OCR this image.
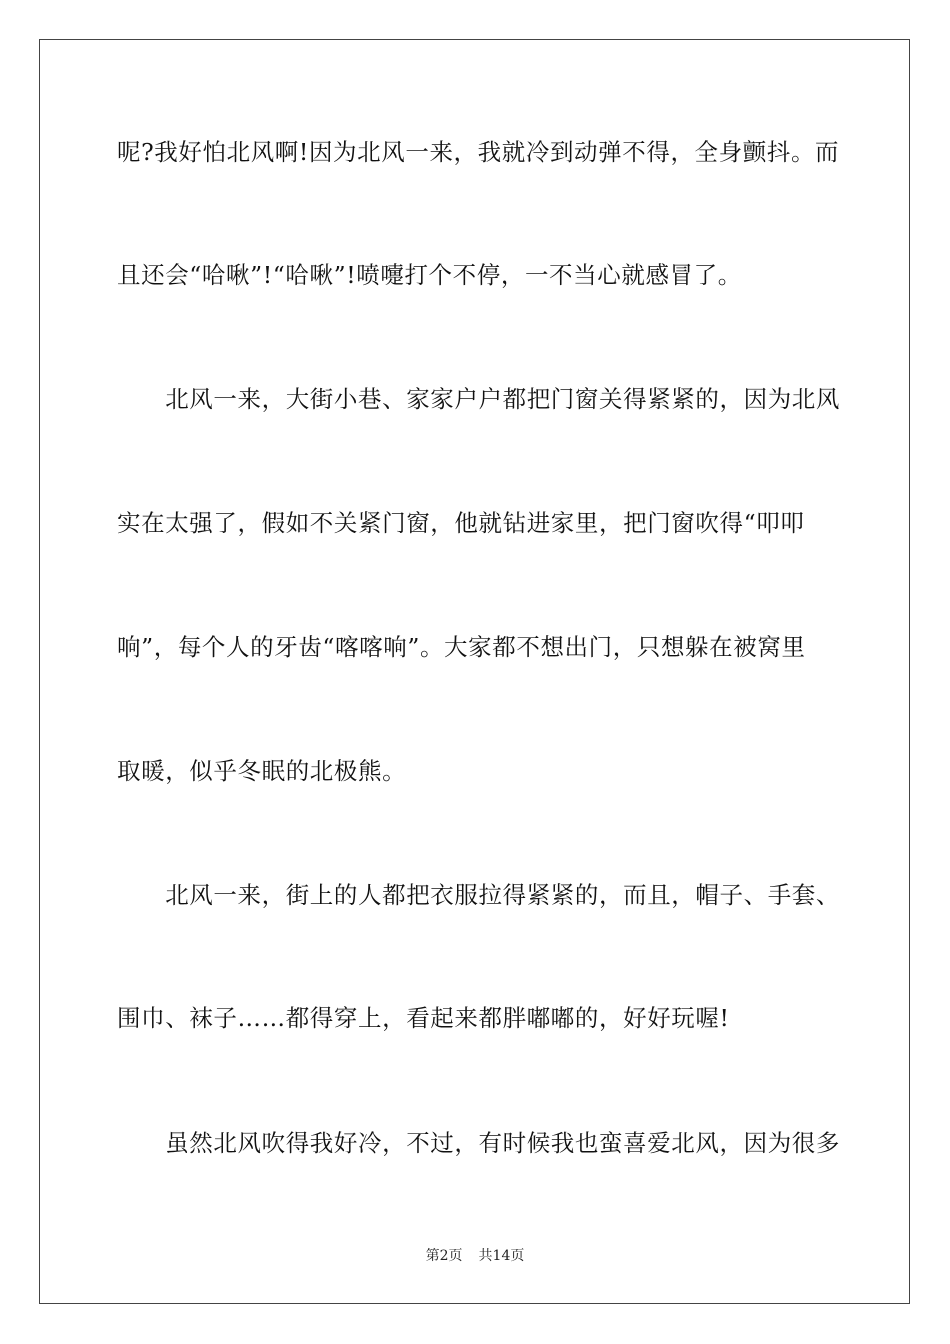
呢?我好怕北风啊!因为北风一来，我就冷到动弹不得，全身颤抖。而
且还会“哈啾”!“哈啾”!喷嚏打个不停，一不当心就感冒了。
　　北风一来，大街小巷、家家户户都把门窗关得紧紧的，因为北风
实在太强了，假如不关紧门窗，他就钻进家里，把门窗吹得“叩叩
响”，每个人的牙齿“喀喀响”。大家都不想出门，只想躲在被窝里
取暖，似乎冬眠的北极熊。
　　北风一来，街上的人都把衣服拉得紧紧的，而且，帽子、手套、
围巾、袜子……都得穿上，看起来都胖嘟嘟的，好好玩喔!
　　虽然北风吹得我好冷，不过，有时候我也蛮喜爱北风，因为很多
第2页 共14页
